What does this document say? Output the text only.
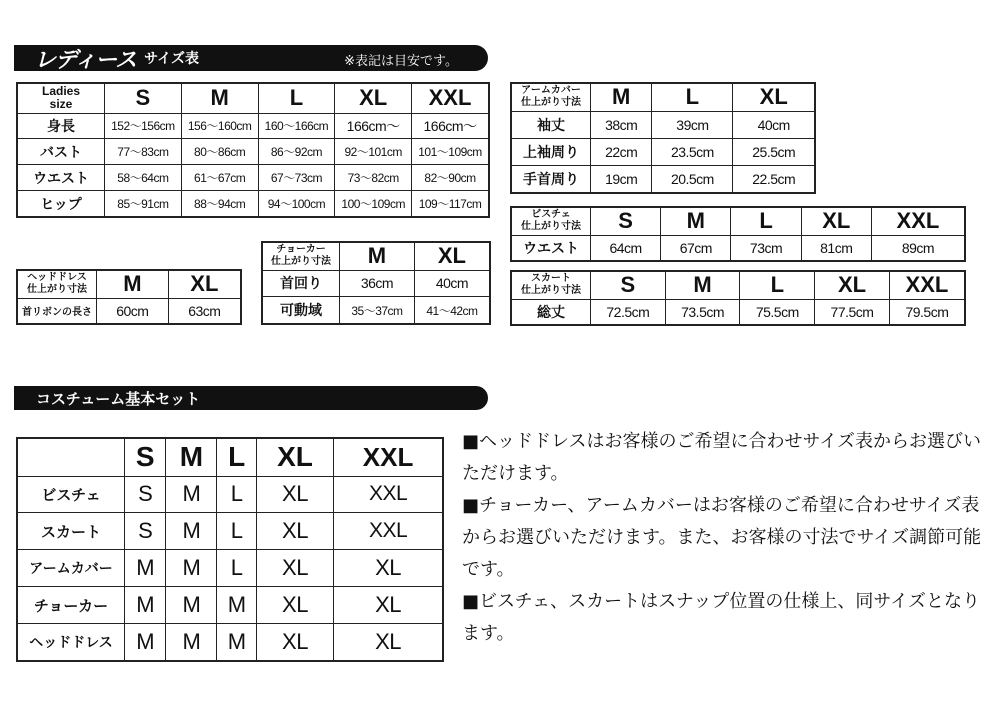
レディース サイズ表	※表記は目安です。
Ladies
size	S	M	L	XL	XXL
身長	152～156cm	156～160cm	160～166cm	166cm～	166cm～
バスト	77～83cm	80～86cm	86～92cm	92～101cm	101～109cm
ウエスト	58～64cm	61～67cm	67～73cm	73～82cm	82～90cm
ヒップ	85～91cm	88～94cm	94～100cm	100～109cm	109～117cm
アームカバー
仕上がり寸法	M	L	XL
袖丈	38cm	39cm	40cm
上袖周り	22cm	23.5cm	25.5cm
手首周り	19cm	20.5cm	22.5cm
ビスチェ
仕上がり寸法	S	M	L	XL	XXL
ウエスト	64cm	67cm	73cm	81cm	89cm
スカート
仕上がり寸法	S	M	L	XL	XXL
総丈	72.5cm	73.5cm	75.5cm	77.5cm	79.5cm
チョーカー
仕上がり寸法	M	XL
首回り	36cm	40cm
可動域	35～37cm	41～42cm
ヘッドドレス
仕上がり寸法	M	XL
首リボンの長さ	60cm	63cm
コスチューム基本セット
	S	M	L	XL	XXL
ビスチェ	S	M	L	XL	XXL
スカート	S	M	L	XL	XXL
アームカバー	M	M	L	XL	XL
チョーカー	M	M	M	XL	XL
ヘッドドレス	M	M	M	XL	XL

■ヘッドドレスはお客様のご希望に合わせサイズ表からお選びいただけます。

■チョーカー、アームカバーはお客様のご希望に合わせサイズ表からお選びいただけます。また、お客様の寸法でサイズ調節可能です。

■ビスチェ、スカートはスナップ位置の仕様上、同サイズとなります。
